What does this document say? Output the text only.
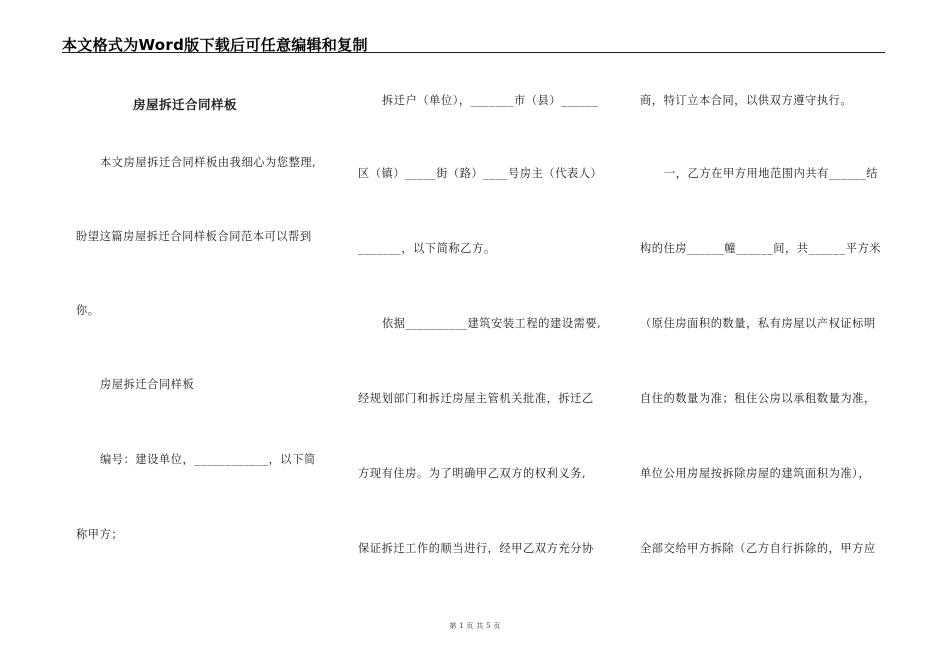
本文格式为Word版下载后可任意编辑和复制
房屋拆迁合同样板
本文房屋拆迁合同样板由我细心为您整理,
盼望这篇房屋拆迁合同样板合同范本可以帮到
你。
房屋拆迁合同样板
编号：建设单位，____________，以下简
称甲方；
拆迁户（单位），_______市（县）______
区（镇）_____街（路）____号房主（代表人）
_______，以下简称乙方。
依据__________建筑安装工程的建设需要,
经规划部门和拆迁房屋主管机关批准，拆迁乙
方现有住房。为了明确甲乙双方的权利义务,
保证拆迁工作的顺当进行，经甲乙双方充分协
商，特订立本合同，以供双方遵守执行。
一，乙方在甲方用地范围内共有______结
构的住房______幢______间，共______平方米
（原住房面积的数量，私有房屋以产权证标明
自住的数量为准；租住公房以承租数量为准，
单位公用房屋按拆除房屋的建筑面积为准），
全部交给甲方拆除（乙方自行拆除的，甲方应
第 1 页 共 5 页
